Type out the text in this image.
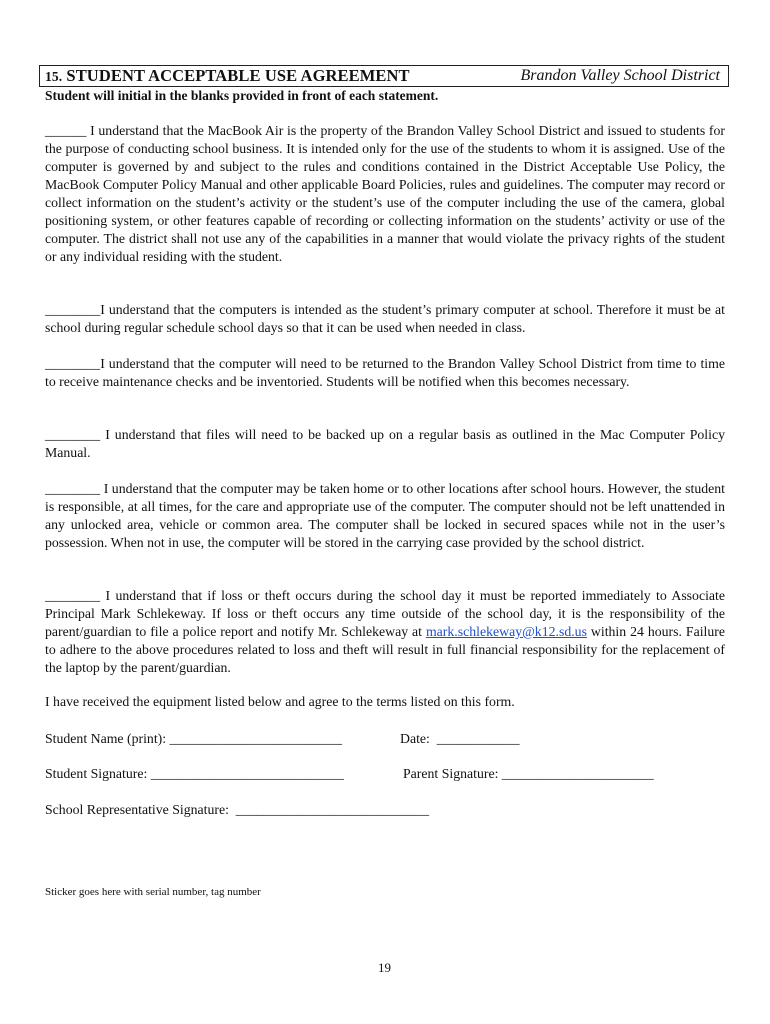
15. STUDENT ACCEPTABLE USE AGREEMENT	Brandon Valley School District
Student will initial in the blanks provided in front of each statement.
______ I understand that the MacBook Air is the property of the Brandon Valley School District and issued to students for the purpose of conducting school business. It is intended only for the use of the students to whom it is assigned. Use of the computer is governed by and subject to the rules and conditions contained in the District Acceptable Use Policy, the MacBook Computer Policy Manual and other applicable Board Policies, rules and guidelines. The computer may record or collect information on the student’s activity or the student’s use of the computer including the use of the camera, global positioning system, or other features capable of recording or collecting information on the students’ activity or use of the computer. The district shall not use any of the capabilities in a manner that would violate the privacy rights of the student or any individual residing with the student.
________I understand that the computers is intended as the student’s primary computer at school. Therefore it must be at school during regular schedule school days so that it can be used when needed in class.
________I understand that the computer will need to be returned to the Brandon Valley School District from time to time to receive maintenance checks and be inventoried. Students will be notified when this becomes necessary.
________ I understand that files will need to be backed up on a regular basis as outlined in the Mac Computer Policy Manual.
________ I understand that the computer may be taken home or to other locations after school hours. However, the student is responsible, at all times, for the care and appropriate use of the computer. The computer should not be left unattended in any unlocked area, vehicle or common area. The computer shall be locked in secured spaces while not in the user’s possession. When not in use, the computer will be stored in the carrying case provided by the school district.
________ I understand that if loss or theft occurs during the school day it must be reported immediately to Associate Principal Mark Schlekeway. If loss or theft occurs any time outside of the school day, it is the responsibility of the parent/guardian to file a police report and notify Mr. Schlekeway at mark.schlekeway@k12.sd.us within 24 hours. Failure to adhere to the above procedures related to loss and theft will result in full financial responsibility for the replacement of the laptop by the parent/guardian.
I have received the equipment listed below and agree to the terms listed on this form.
Student Name (print): _________________________	Date:  ____________
Student Signature: ____________________________	Parent Signature: ______________________
School Representative Signature:  ____________________________
Sticker goes here with serial number, tag number
19
